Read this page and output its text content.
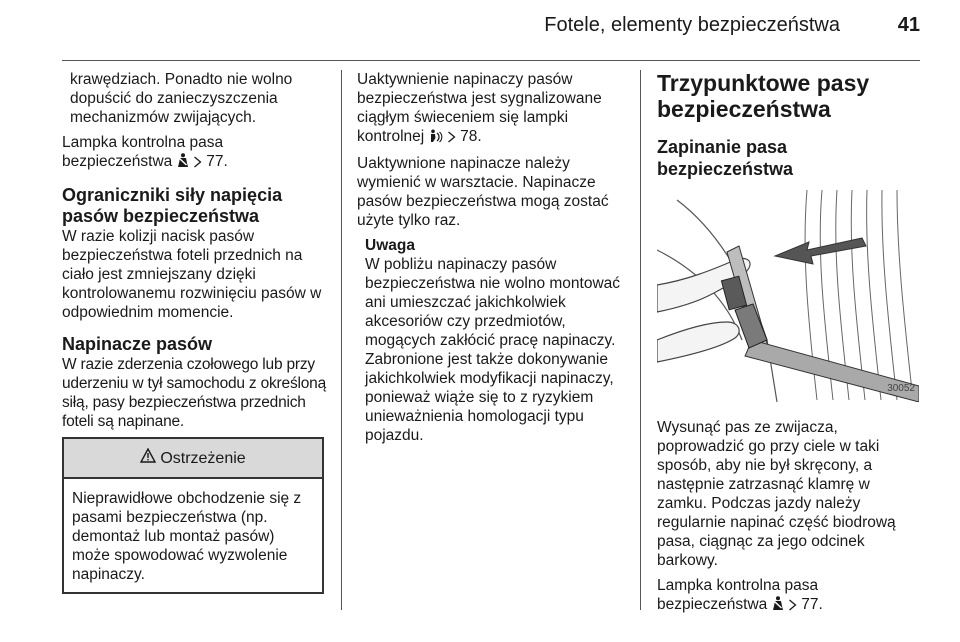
Fotele, elementy bezpieczeństwa	41

krawędziach. Ponadto nie wolno dopuścić do zanieczyszczenia mechanizmów zwijających.

Lampka kontrolna pasa bezpieczeństwa 77.

Ograniczniki siły napięcia pasów bezpieczeństwa

W razie kolizji nacisk pasów bezpieczeństwa foteli przednich na ciało jest zmniejszany dzięki kontrolowanemu rozwinięciu pasów w odpowiednim momencie.

Napinacze pasów

W razie zderzenia czołowego lub przy uderzeniu w tył samochodu z określoną siłą, pasy bezpieczeństwa przednich foteli są napinane.

Ostrzeżenie
Nieprawidłowe obchodzenie się z pasami bezpieczeństwa (np. demontaż lub montaż pasów) może spowodować wyzwolenie napinaczy.

Uaktywnienie napinaczy pasów bezpieczeństwa jest sygnalizowane ciągłym świeceniem się lampki kontrolnej 78.

Uaktywnione napinacze należy wymienić w warsztacie. Napinacze pasów bezpieczeństwa mogą zostać użyte tylko raz.

Uwaga
W pobliżu napinaczy pasów bezpieczeństwa nie wolno montować ani umieszczać jakichkolwiek akcesoriów czy przedmiotów, mogących zakłócić pracę napinaczy. Zabronione jest także dokonywanie jakichkolwiek modyfikacji napinaczy, ponieważ wiąże się to z ryzykiem unieważnienia homologacji typu pojazdu.
Trzypunktowe pasy bezpieczeństwa
Zapinanie pasa bezpieczeństwa
30052

Wysunąć pas ze zwijacza, poprowadzić go przy ciele w taki sposób, aby nie był skręcony, a następnie zatrzasnąć klamrę w zamku. Podczas jazdy należy regularnie napinać część biodrową pasa, ciągnąc za jego odcinek barkowy.

Lampka kontrolna pasa bezpieczeństwa 77.
